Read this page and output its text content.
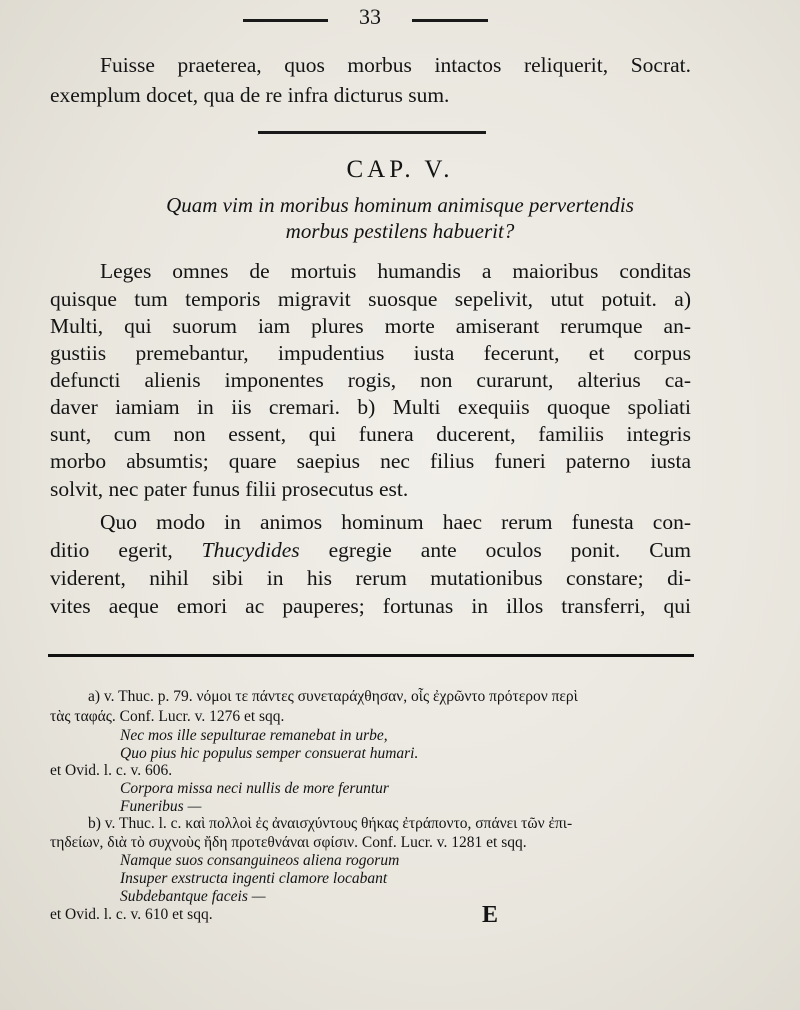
33
Fuisse praeterea, quos morbus intactos reliquerit, Socrat.
exemplum docet, qua de re infra dicturus sum.
CAP. V.
Quam vim in moribus hominum animisque pervertendis
morbus pestilens habuerit?
Leges omnes de mortuis humandis a maioribus conditas
quisque tum temporis migravit suosque sepelivit, utut potuit. a)
Multi, qui suorum iam plures morte amiserant rerumque an-
gustiis premebantur, impudentius iusta fecerunt, et corpus
defuncti alienis imponentes rogis, non curarunt, alterius ca-
daver iamiam in iis cremari. b) Multi exequiis quoque spoliati
sunt, cum non essent, qui funera ducerent, familiis integris
morbo absumtis; quare saepius nec filius funeri paterno iusta
solvit, nec pater funus filii prosecutus est.
Quo modo in animos hominum haec rerum funesta con-
ditio egerit, Thucydides egregie ante oculos ponit. Cum
viderent, nihil sibi in his rerum mutationibus constare; di-
vites aeque emori ac pauperes; fortunas in illos transferri, qui
a) v. Thuc. p. 79. νόμοι τε πάντες συνεταράχθησαν, οἷς ἐχρῶντο πρότερον περὶ
τὰς ταφάς. Conf. Lucr. v. 1276 et sqq.
Nec mos ille sepulturae remanebat in urbe,
Quo pius hic populus semper consuerat humari.
et Ovid. l. c. v. 606.
Corpora missa neci nullis de more feruntur
Funeribus —
b) v. Thuc. l. c. καὶ πολλοὶ ἐς ἀναισχύντους θήκας ἐτράποντο, σπάνει τῶν ἐπι-
τηδείων, διὰ τὸ συχνοὺς ἤδη προτεθνάναι σφίσιν. Conf. Lucr. v. 1281 et sqq.
Namque suos consanguineos aliena rogorum
Insuper exstructa ingenti clamore locabant
Subdebantque faceis —
et Ovid. l. c. v. 610 et sqq.	E
